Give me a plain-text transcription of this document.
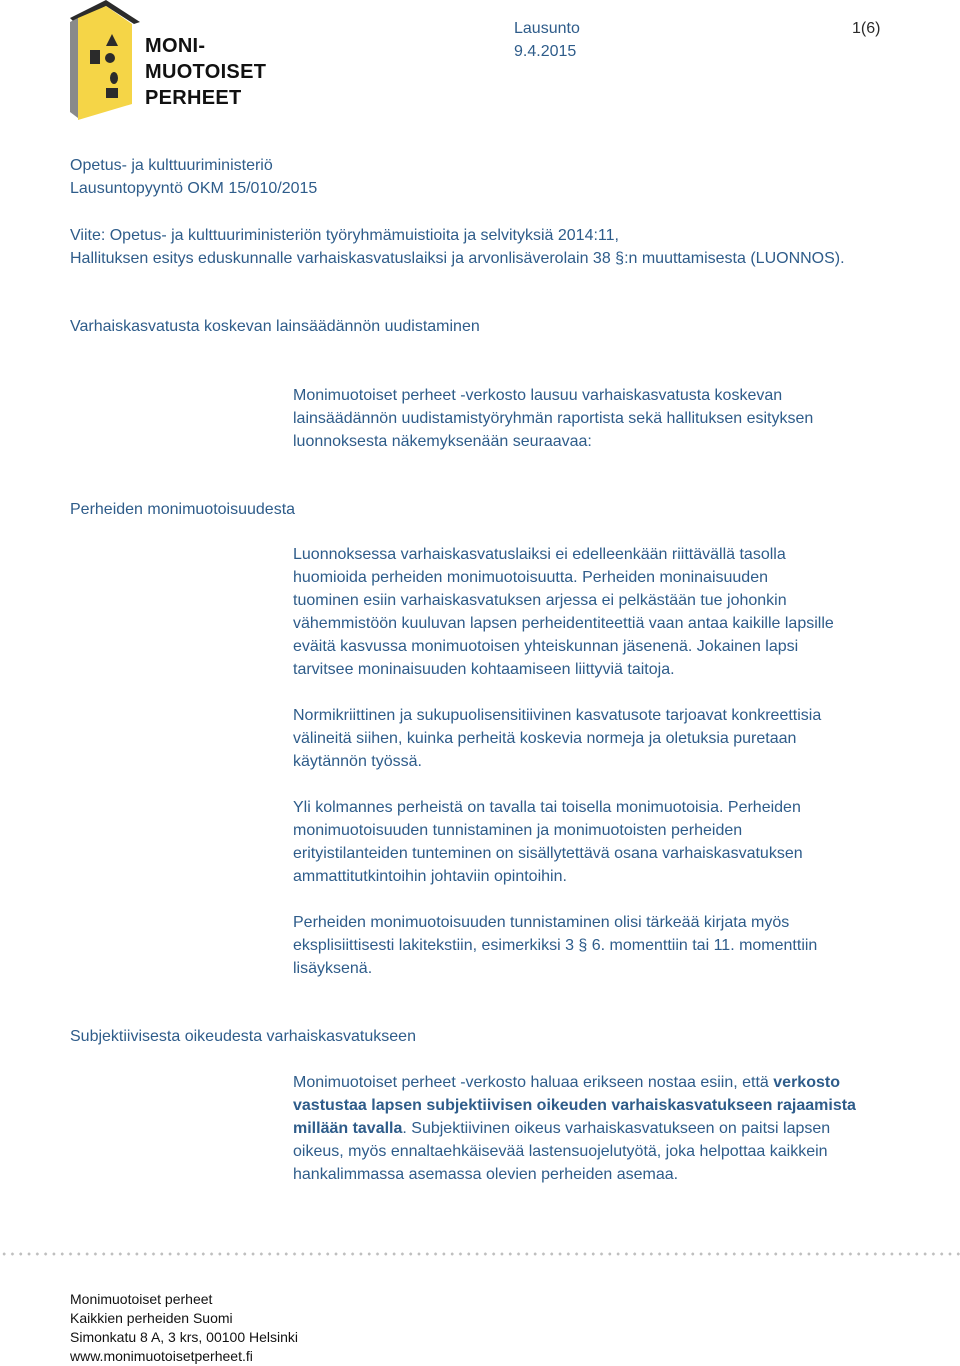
MONI-
MUOTOISET
PERHEET
Lausunto
9.4.2015
1(6)
Opetus- ja kulttuuriministeriö
Lausuntopyyntö OKM 15/010/2015
Viite: Opetus- ja kulttuuriministeriön työryhmämuistioita ja selvityksiä 2014:11,
Hallituksen esitys eduskunnalle varhaiskasvatuslaiksi ja arvonlisäverolain 38 §:n muuttamisesta (LUONNOS).
Varhaiskasvatusta koskevan lainsäädännön uudistaminen
Monimuotoiset perheet -verkosto lausuu varhaiskasvatusta koskevan
lainsäädännön uudistamistyöryhmän raportista sekä hallituksen esityksen
luonnoksesta näkemyksenään seuraavaa:
Perheiden monimuotoisuudesta
Luonnoksessa varhaiskasvatuslaiksi ei edelleenkään riittävällä tasolla
huomioida perheiden monimuotoisuutta. Perheiden moninaisuuden
tuominen esiin varhaiskasvatuksen arjessa ei pelkästään tue johonkin
vähemmistöön kuuluvan lapsen perheidentiteettiä vaan antaa kaikille lapsille
eväitä kasvussa monimuotoisen yhteiskunnan jäsenenä. Jokainen lapsi
tarvitsee moninaisuuden kohtaamiseen liittyviä taitoja.
Normikriittinen ja sukupuolisensitiivinen kasvatusote tarjoavat konkreettisia
välineitä siihen, kuinka perheitä koskevia normeja ja oletuksia puretaan
käytännön työssä.
Yli kolmannes perheistä on tavalla tai toisella monimuotoisia. Perheiden
monimuotoisuuden tunnistaminen ja monimuotoisten perheiden
erityistilanteiden tunteminen on sisällytettävä osana varhaiskasvatuksen
ammattitutkintoihin johtaviin opintoihin.
Perheiden monimuotoisuuden tunnistaminen olisi tärkeää kirjata myös
eksplisiittisesti lakitekstiin, esimerkiksi 3 § 6. momenttiin tai 11. momenttiin
lisäyksenä.
Subjektiivisesta oikeudesta varhaiskasvatukseen
Monimuotoiset perheet -verkosto haluaa erikseen nostaa esiin, että verkosto
vastustaa lapsen subjektiivisen oikeuden varhaiskasvatukseen rajaamista
millään tavalla. Subjektiivinen oikeus varhaiskasvatukseen on paitsi lapsen
oikeus, myös ennaltaehkäisevää lastensuojelutyötä, joka helpottaa kaikkein
hankalimmassa asemassa olevien perheiden asemaa.
Monimuotoiset perheet
Kaikkien perheiden Suomi
Simonkatu 8 A, 3 krs, 00100 Helsinki
www.monimuotoisetperheet.fi
